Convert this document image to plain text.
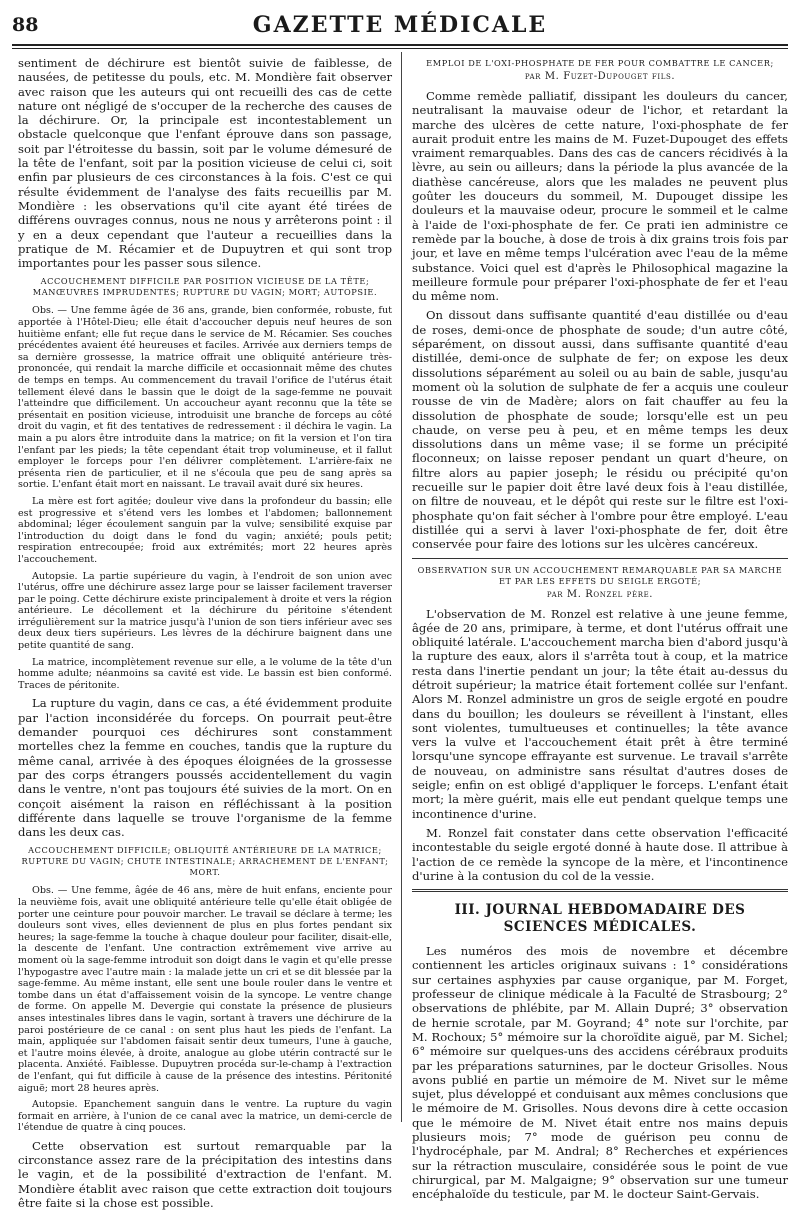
88	GAZETTE MÉDICALE

sentiment de déchirure est bientôt suivie de faiblesse, de nausées, de petitesse du pouls, etc. M. Mondière fait observer avec raison que les auteurs qui ont recueilli des cas de cette nature ont négligé de s'occuper de la recherche des causes de la déchirure. Or, la principale est incontestablement un obstacle quelconque que l'enfant éprouve dans son passage, soit par l'étroitesse du bassin, soit par le volume démesuré de la tête de l'enfant, soit par la position vicieuse de celui ci, soit enfin par plusieurs de ces circonstances à la fois. C'est ce qui résulte évidemment de l'analyse des faits recueillis par M. Mondière : les observations qu'il cite ayant été tirées de différens ouvrages connus, nous ne nous y arrêterons point : il y en a deux cependant que l'auteur a recueillies dans la pratique de M. Récamier et de Dupuytren et qui sont trop importantes pour les passer sous silence.

ACCOUCHEMENT DIFFICILE PAR POSITION VICIEUSE DE LA TÊTE; MANŒUVRES IMPRUDENTES; RUPTURE DU VAGIN; MORT; AUTOPSIE.

Obs. — Une femme âgée de 36 ans, grande, bien conformée, robuste, fut apportée à l'Hôtel-Dieu; elle était d'accoucher depuis neuf heures de son huitième enfant; elle fut reçue dans le service de M. Récamier. Ses couches précédentes avaient été heureuses et faciles. Arrivée aux derniers temps de sa dernière grossesse, la matrice offrait une obliquité antérieure très-prononcée, qui rendait la marche difficile et occasionnait même des chutes de temps en temps. Au commencement du travail l'orifice de l'utérus était tellement élevé dans le bassin que le doigt de la sage-femme ne pouvait l'atteindre que difficilement. Un accoucheur ayant reconnu que la tête se présentait en position vicieuse, introduisit une branche de forceps au côté droit du vagin, et fit des tentatives de redressement : il déchira le vagin. La main a pu alors être introduite dans la matrice; on fit la version et l'on tira l'enfant par les pieds; la tête cependant était trop volumineuse, et il fallut employer le forceps pour l'en délivrer complètement. L'arrière-faix ne présenta rien de particulier, et il ne s'écoula que peu de sang après sa sortie. L'enfant était mort en naissant. Le travail avait duré six heures.

La mère est fort agitée; douleur vive dans la profondeur du bassin; elle est progressive et s'étend vers les lombes et l'abdomen; ballonnement abdominal; léger écoulement sanguin par la vulve; sensibilité exquise par l'introduction du doigt dans le fond du vagin; anxiété; pouls petit; respiration entrecoupée; froid aux extrémités; mort 22 heures après l'accouchement.

Autopsie. La partie supérieure du vagin, à l'endroit de son union avec l'utérus, offre une déchirure assez large pour se laisser facilement traverser par le poing. Cette déchirure existe principalement à droite et vers la région antérieure. Le décollement et la déchirure du péritoine s'étendent irrégulièrement sur la matrice jusqu'à l'union de son tiers inférieur avec ses deux deux tiers supérieurs. Les lèvres de la déchirure baignent dans une petite quantité de sang.

La matrice, incomplètement revenue sur elle, a le volume de la tête d'un homme adulte; néanmoins sa cavité est vide. Le bassin est bien conformé. Traces de péritonite.

La rupture du vagin, dans ce cas, a été évidemment produite par l'action inconsidérée du forceps. On pourrait peut-être demander pourquoi ces déchirures sont constamment mortelles chez la femme en couches, tandis que la rupture du même canal, arrivée à des époques éloignées de la grossesse par des corps étrangers poussés accidentellement du vagin dans le ventre, n'ont pas toujours été suivies de la mort. On en conçoit aisément la raison en réfléchissant à la position différente dans laquelle se trouve l'organisme de la femme dans les deux cas.

ACCOUCHEMENT DIFFICILE; OBLIQUITÉ ANTÉRIEURE DE LA MATRICE; RUPTURE DU VAGIN; CHUTE INTESTINALE; ARRACHEMENT DE L'ENFANT; MORT.

Obs. — Une femme, âgée de 46 ans, mère de huit enfans, enciente pour la neuvième fois, avait une obliquité antérieure telle qu'elle était obligée de porter une ceinture pour pouvoir marcher. Le travail se déclare à terme; les douleurs sont vives, elles deviennent de plus en plus fortes pendant six heures; la sage-femme la touche à chaque douleur pour faciliter, disait-elle, la descente de l'enfant. Une contraction extrêmement vive arrive au moment où la sage-femme introduit son doigt dans le vagin et qu'elle presse l'hypogastre avec l'autre main : la malade jette un cri et se dit blessée par la sage-femme. Au même instant, elle sent une boule rouler dans le ventre et tombe dans un état d'affaissement voisin de la syncope. Le ventre change de forme. On appelle M. Devergie qui constate la présence de plusieurs anses intestinales libres dans le vagin, sortant à travers une déchirure de la paroi postérieure de ce canal : on sent plus haut les pieds de l'enfant. La main, appliquée sur l'abdomen faisait sentir deux tumeurs, l'une à gauche, et l'autre moins élevée, à droite, analogue au globe utérin contracté sur le placenta. Anxiété. Faiblesse. Dupuytren procéda sur-le-champ à l'extraction de l'enfant, qui fut difficile à cause de la présence des intestins. Péritonité aiguë; mort 28 heures après.

Autopsie. Epanchement sanguin dans le ventre. La rupture du vagin formait en arrière, à l'union de ce canal avec la matrice, un demi-cercle de l'étendue de quatre à cinq pouces.

Cette observation est surtout remarquable par la circonstance assez rare de la précipitation des intestins dans le vagin, et de la possibilité d'extraction de l'enfant. M. Mondière établit avec raison que cette extraction doit toujours être faite si la chose est possible.

EMPLOI DE L'OXI-PHOSPHATE DE FER POUR COMBATTRE LE CANCER;
par M. Fuzet-Dupouget fils.

Comme remède palliatif, dissipant les douleurs du cancer, neutralisant la mauvaise odeur de l'ichor, et retardant la marche des ulcères de cette nature, l'oxi-phosphate de fer aurait produit entre les mains de M. Fuzet-Dupouget des effets vraiment remarquables. Dans des cas de cancers récidivés à la lèvre, au sein ou ailleurs; dans la période la plus avancée de la diathèse cancéreuse, alors que les malades ne peuvent plus goûter les douceurs du sommeil, M. Dupouget dissipe les douleurs et la mauvaise odeur, procure le sommeil et le calme à l'aide de l'oxi-phosphate de fer. Ce prati ien administre ce remède par la bouche, à dose de trois à dix grains trois fois par jour, et lave en même temps l'ulcération avec l'eau de la même substance. Voici quel est d'après le Philosophical magazine la meilleure formule pour préparer l'oxi-phosphate de fer et l'eau du même nom.

On dissout dans suffisante quantité d'eau distillée ou d'eau de roses, demi-once de phosphate de soude; d'un autre côté, séparément, on dissout aussi, dans suffisante quantité d'eau distillée, demi-once de sulphate de fer; on expose les deux dissolutions séparément au soleil ou au bain de sable, jusqu'au moment où la solution de sulphate de fer a acquis une couleur rousse de vin de Madère; alors on fait chauffer au feu la dissolution de phosphate de soude; lorsqu'elle est un peu chaude, on verse peu à peu, et en même temps les deux dissolutions dans un même vase; il se forme un précipité floconneux; on laisse reposer pendant un quart d'heure, on filtre alors au papier joseph; le résidu ou précipité qu'on recueille sur le papier doit être lavé deux fois à l'eau distillée, on filtre de nouveau, et le dépôt qui reste sur le filtre est l'oxi-phosphate qu'on fait sécher à l'ombre pour être employé. L'eau distillée qui a servi à laver l'oxi-phosphate de fer, doit être conservée pour faire des lotions sur les ulcères cancéreux.

OBSERVATION SUR UN ACCOUCHEMENT REMARQUABLE PAR SA MARCHE ET PAR LES EFFETS DU SEIGLE ERGOTÉ;
par M. Ronzel père.

L'observation de M. Ronzel est relative à une jeune femme, âgée de 20 ans, primipare, à terme, et dont l'utérus offrait une obliquité latérale. L'accouchement marcha bien d'abord jusqu'à la rupture des eaux, alors il s'arrêta tout à coup, et la matrice resta dans l'inertie pendant un jour; la tête était au-dessus du détroit supérieur; la matrice était fortement collée sur l'enfant. Alors M. Ronzel administre un gros de seigle ergoté en poudre dans du bouillon; les douleurs se réveillent à l'instant, elles sont violentes, tumultueuses et continuelles; la tête avance vers la vulve et l'accouchement était prêt à être terminé lorsqu'une syncope effrayante est survenue. Le travail s'arrête de nouveau, on administre sans résultat d'autres doses de seigle; enfin on est obligé d'appliquer le forceps. L'enfant était mort; la mère guérit, mais elle eut pendant quelque temps une incontinence d'urine.

M. Ronzel fait constater dans cette observation l'efficacité incontestable du seigle ergoté donné à haute dose. Il attribue à l'action de ce remède la syncope de la mère, et l'incontinence d'urine à la contusion du col de la vessie.

III. JOURNAL HEBDOMADAIRE DES SCIENCES MÉDICALES.

Les numéros des mois de novembre et décembre contiennent les articles originaux suivans : 1° considérations sur certaines asphyxies par cause organique, par M. Forget, professeur de clinique médicale à la Faculté de Strasbourg; 2° observations de phlébite, par M. Allain Dupré; 3° observation de hernie scrotale, par M. Goyrand; 4° note sur l'orchite, par M. Rochoux; 5° mémoire sur la choroïdite aiguë, par M. Sichel; 6° mémoire sur quelques-uns des accidens cérébraux produits par les préparations saturnines, par le docteur Grisolles. Nous avons publié en partie un mémoire de M. Nivet sur le même sujet, plus développé et conduisant aux mêmes conclusions que le mémoire de M. Grisolles. Nous devons dire à cette occasion que le mémoire de M. Nivet était entre nos mains depuis plusieurs mois; 7° mode de guérison peu connu de l'hydrocéphale, par M. Andral; 8° Recherches et expériences sur la rétraction musculaire, considérée sous le point de vue chirurgical, par M. Malgaigne; 9° observation sur une tumeur encéphaloïde du testicule, par M. le docteur Saint-Gervais.
